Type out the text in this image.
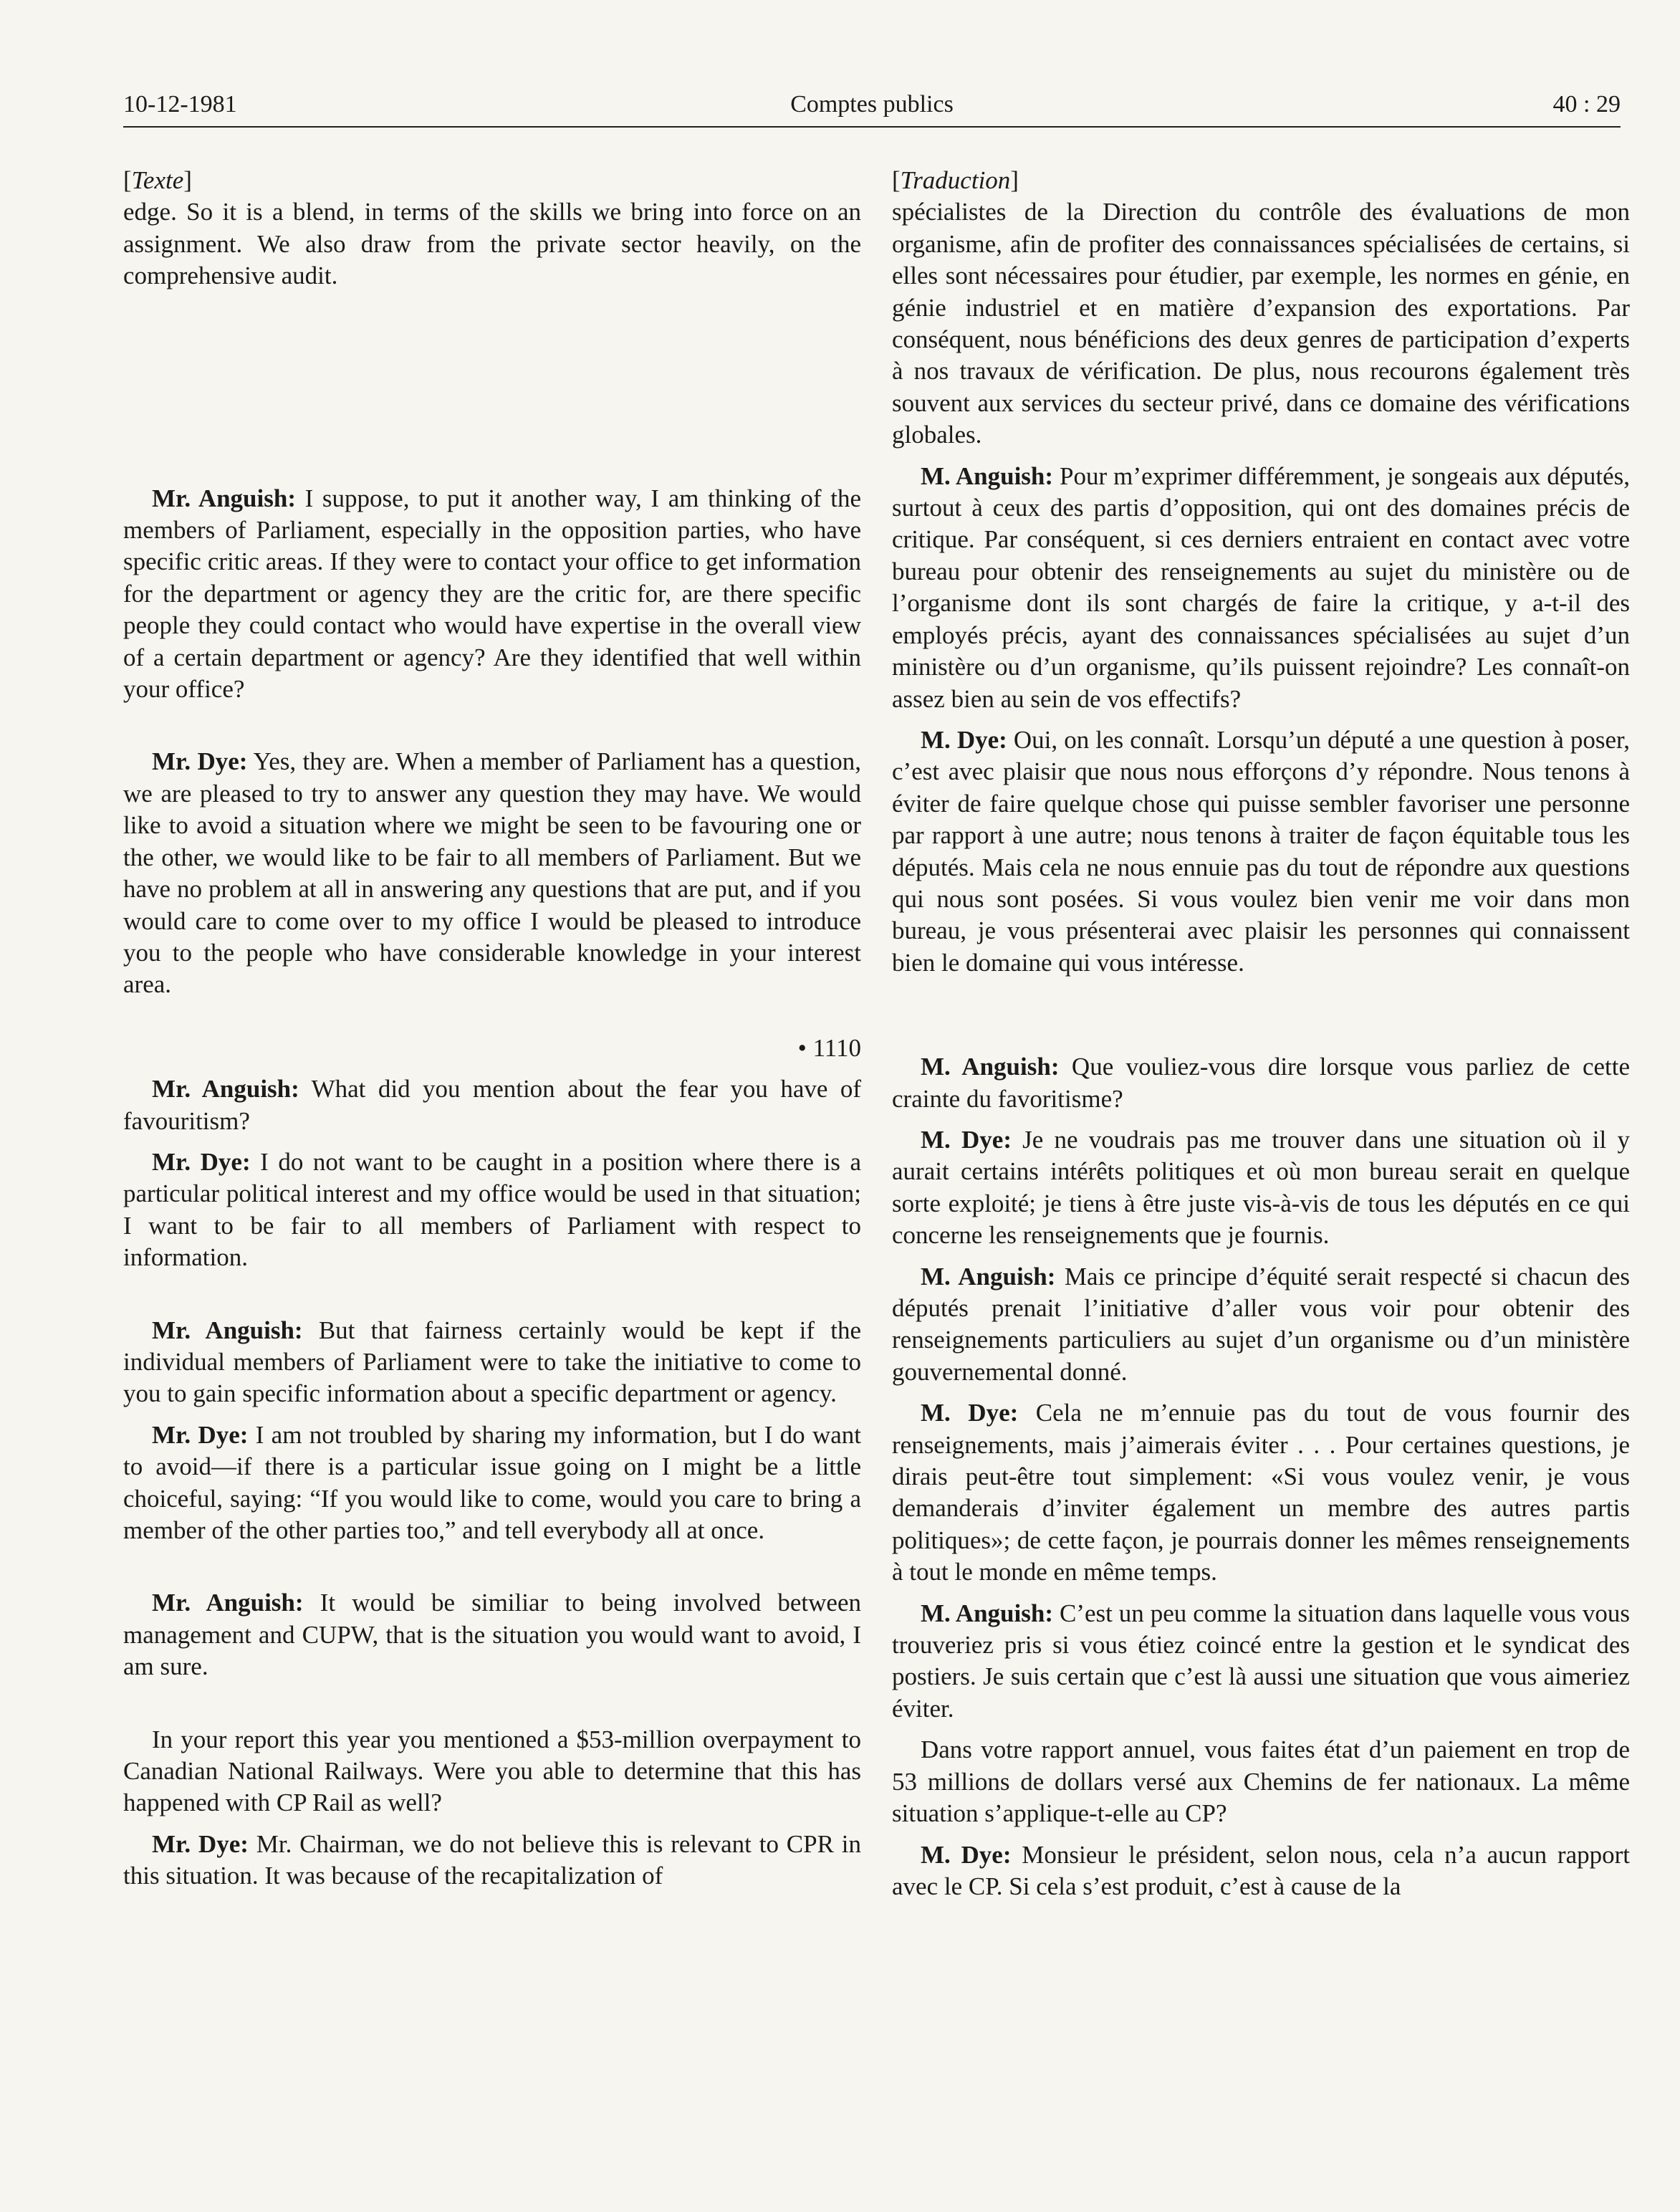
10-12-1981	Comptes publics	40 : 29

[Texte]

edge. So it is a blend, in terms of the skills we bring into force on an assignment. We also draw from the private sector heavily, on the comprehensive audit.

Mr. Anguish: I suppose, to put it another way, I am thinking of the members of Parliament, especially in the opposition parties, who have specific critic areas. If they were to contact your office to get information for the department or agency they are the critic for, are there specific people they could contact who would have expertise in the overall view of a certain department or agency? Are they identified that well within your office?

Mr. Dye: Yes, they are. When a member of Parliament has a question, we are pleased to try to answer any question they may have. We would like to avoid a situation where we might be seen to be favouring one or the other, we would like to be fair to all members of Parliament. But we have no problem at all in answering any questions that are put, and if you would care to come over to my office I would be pleased to introduce you to the people who have considerable knowledge in your interest area.

• 1110

Mr. Anguish: What did you mention about the fear you have of favouritism?

Mr. Dye: I do not want to be caught in a position where there is a particular political interest and my office would be used in that situation; I want to be fair to all members of Parliament with respect to information.

Mr. Anguish: But that fairness certainly would be kept if the individual members of Parliament were to take the initiative to come to you to gain specific information about a specific department or agency.

Mr. Dye: I am not troubled by sharing my information, but I do want to avoid—if there is a particular issue going on I might be a little choiceful, saying: “If you would like to come, would you care to bring a member of the other parties too,” and tell everybody all at once.

Mr. Anguish: It would be similiar to being involved between management and CUPW, that is the situation you would want to avoid, I am sure.

In your report this year you mentioned a $53-million overpayment to Canadian National Railways. Were you able to determine that this has happened with CP Rail as well?

Mr. Dye: Mr. Chairman, we do not believe this is relevant to CPR in this situation. It was because of the recapitalization of

[Traduction]

spécialistes de la Direction du contrôle des évaluations de mon organisme, afin de profiter des connaissances spécialisées de certains, si elles sont nécessaires pour étudier, par exemple, les normes en génie, en génie industriel et en matière d’expansion des exportations. Par conséquent, nous bénéficions des deux genres de participation d’experts à nos travaux de vérification. De plus, nous recourons également très souvent aux services du secteur privé, dans ce domaine des vérifications globales.

M. Anguish: Pour m’exprimer différemment, je songeais aux députés, surtout à ceux des partis d’opposition, qui ont des domaines précis de critique. Par conséquent, si ces derniers entraient en contact avec votre bureau pour obtenir des renseignements au sujet du ministère ou de l’organisme dont ils sont chargés de faire la critique, y a-t-il des employés précis, ayant des connaissances spécialisées au sujet d’un ministère ou d’un organisme, qu’ils puissent rejoindre? Les connaît-on assez bien au sein de vos effectifs?

M. Dye: Oui, on les connaît. Lorsqu’un député a une question à poser, c’est avec plaisir que nous nous efforçons d’y répondre. Nous tenons à éviter de faire quelque chose qui puisse sembler favoriser une personne par rapport à une autre; nous tenons à traiter de façon équitable tous les députés. Mais cela ne nous ennuie pas du tout de répondre aux questions qui nous sont posées. Si vous voulez bien venir me voir dans mon bureau, je vous présenterai avec plaisir les personnes qui connaissent bien le domaine qui vous intéresse.

M. Anguish: Que vouliez-vous dire lorsque vous parliez de cette crainte du favoritisme?

M. Dye: Je ne voudrais pas me trouver dans une situation où il y aurait certains intérêts politiques et où mon bureau serait en quelque sorte exploité; je tiens à être juste vis-à-vis de tous les députés en ce qui concerne les renseignements que je fournis.

M. Anguish: Mais ce principe d’équité serait respecté si chacun des députés prenait l’initiative d’aller vous voir pour obtenir des renseignements particuliers au sujet d’un organisme ou d’un ministère gouvernemental donné.

M. Dye: Cela ne m’ennuie pas du tout de vous fournir des renseignements, mais j’aimerais éviter . . . Pour certaines questions, je dirais peut-être tout simplement: «Si vous voulez venir, je vous demanderais d’inviter également un membre des autres partis politiques»; de cette façon, je pourrais donner les mêmes renseignements à tout le monde en même temps.

M. Anguish: C’est un peu comme la situation dans laquelle vous vous trouveriez pris si vous étiez coincé entre la gestion et le syndicat des postiers. Je suis certain que c’est là aussi une situation que vous aimeriez éviter.

Dans votre rapport annuel, vous faites état d’un paiement en trop de 53 millions de dollars versé aux Chemins de fer nationaux. La même situation s’applique-t-elle au CP?

M. Dye: Monsieur le président, selon nous, cela n’a aucun rapport avec le CP. Si cela s’est produit, c’est à cause de la
